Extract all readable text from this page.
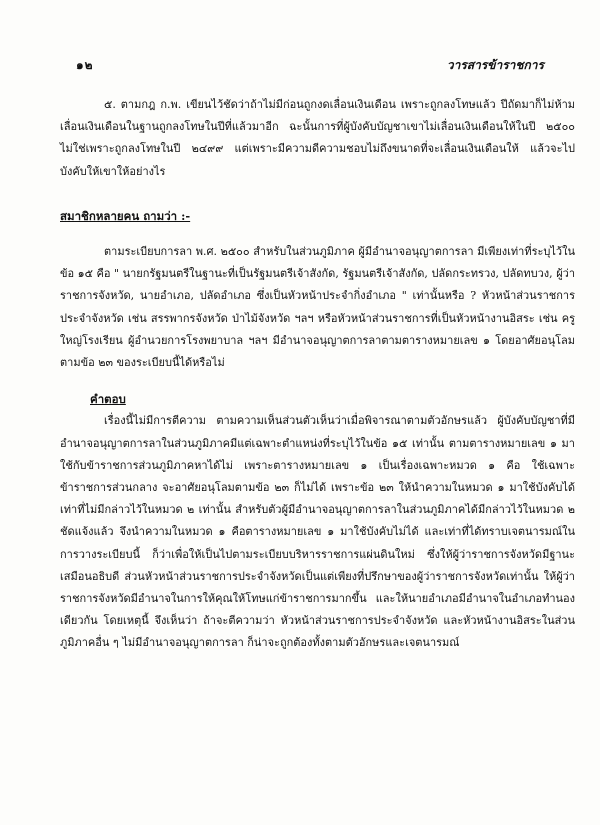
๑๒	วารสารข้าราชการ

๕. ตามกฎ ก.พ. เขียนไว้ชัดว่าถ้าไม่มีก่อนถูกงดเลื่อนเงินเดือน เพราะถูกลงโทษแล้ว ปีถัดมาก็ไม่ห้ามเลื่อนเงินเดือนในฐานถูกลงโทษในปีที่แล้วมาอีก ฉะนั้นการที่ผู้บังคับบัญชาเขาไม่เลื่อนเงินเดือนให้ในปี ๒๕๐๐ ไม่ใช่เพราะถูกลงโทษในปี ๒๔๙๙ แต่เพราะมีความดีความชอบไม่ถึงขนาดที่จะเลื่อนเงินเดือนให้ แล้วจะไปบังคับให้เขาให้อย่างไร

สมาชิกหลายคน ถามว่า :-

ตามระเบียบการลา พ.ศ. ๒๕๐๐ สำหรับในส่วนภูมิภาค ผู้มีอำนาจอนุญาตการลา มีเพียงเท่าที่ระบุไว้ในข้อ ๑๕ คือ " นายกรัฐมนตรีในฐานะที่เป็นรัฐมนตรีเจ้าสังกัด, รัฐมนตรีเจ้าสังกัด, ปลัดกระทรวง, ปลัดทบวง, ผู้ว่าราชการจังหวัด, นายอำเภอ, ปลัดอำเภอ ซึ่งเป็นหัวหน้าประจำกิ่งอำเภอ " เท่านั้นหรือ ? หัวหน้าส่วนราชการประจำจังหวัด เช่น สรรพากรจังหวัด ป่าไม้จังหวัด ฯลฯ หรือหัวหน้าส่วนราชการที่เป็นหัวหน้างานอิสระ เช่น ครูใหญ่โรงเรียน ผู้อำนวยการโรงพยาบาล ฯลฯ มีอำนาจอนุญาตการลาตามตารางหมายเลข ๑ โดยอาศัยอนุโลมตามข้อ ๒๓ ของระเบียบนี้ได้หรือไม่

คำตอบ

เรื่องนี้ไม่มีการตีความ ตามความเห็นส่วนตัวเห็นว่าเมื่อพิจารณาตามตัวอักษรแล้ว ผู้บังคับบัญชาที่มีอำนาจอนุญาตการลาในส่วนภูมิภาคมีแต่เฉพาะตำแหน่งที่ระบุไว้ในข้อ ๑๕ เท่านั้น ตามตารางหมายเลข ๑ มาใช้กับข้าราชการส่วนภูมิภาคหาได้ไม่ เพราะตารางหมายเลข ๑ เป็นเรื่องเฉพาะหมวด ๑ คือ ใช้เฉพาะข้าราชการส่วนกลาง จะอาศัยอนุโลมตามข้อ ๒๓ ก็ไม่ได้ เพราะข้อ ๒๓ ให้นำความในหมวด ๑ มาใช้บังคับได้เท่าที่ไม่มีกล่าวไว้ในหมวด ๒ เท่านั้น สำหรับตัวผู้มีอำนาจอนุญาตการลาในส่วนภูมิภาคได้มีกล่าวไว้ในหมวด ๒ ชัดแจ้งแล้ว จึงนำความในหมวด ๑ คือตารางหมายเลข ๑ มาใช้บังคับไม่ได้ และเท่าที่ได้ทราบเจตนารมณ์ในการวางระเบียบนี้ ก็ว่าเพื่อให้เป็นไปตามระเบียบบริหารราชการแผ่นดินใหม่ ซึ่งให้ผู้ว่าราชการจังหวัดมีฐานะเสมือนอธิบดี ส่วนหัวหน้าส่วนราชการประจำจังหวัดเป็นแต่เพียงที่ปรึกษาของผู้ว่าราชการจังหวัดเท่านั้น ให้ผู้ว่าราชการจังหวัดมีอำนาจในการให้คุณให้โทษแก่ข้าราชการมากขึ้น และให้นายอำเภอมีอำนาจในอำเภอทำนองเดียวกัน โดยเหตุนี้ จึงเห็นว่า ถ้าจะตีความว่า หัวหน้าส่วนราชการประจำจังหวัด และหัวหน้างานอิสระในส่วนภูมิภาคอื่น ๆ ไม่มีอำนาจอนุญาตการลา ก็น่าจะถูกต้องทั้งตามตัวอักษรและเจตนารมณ์
